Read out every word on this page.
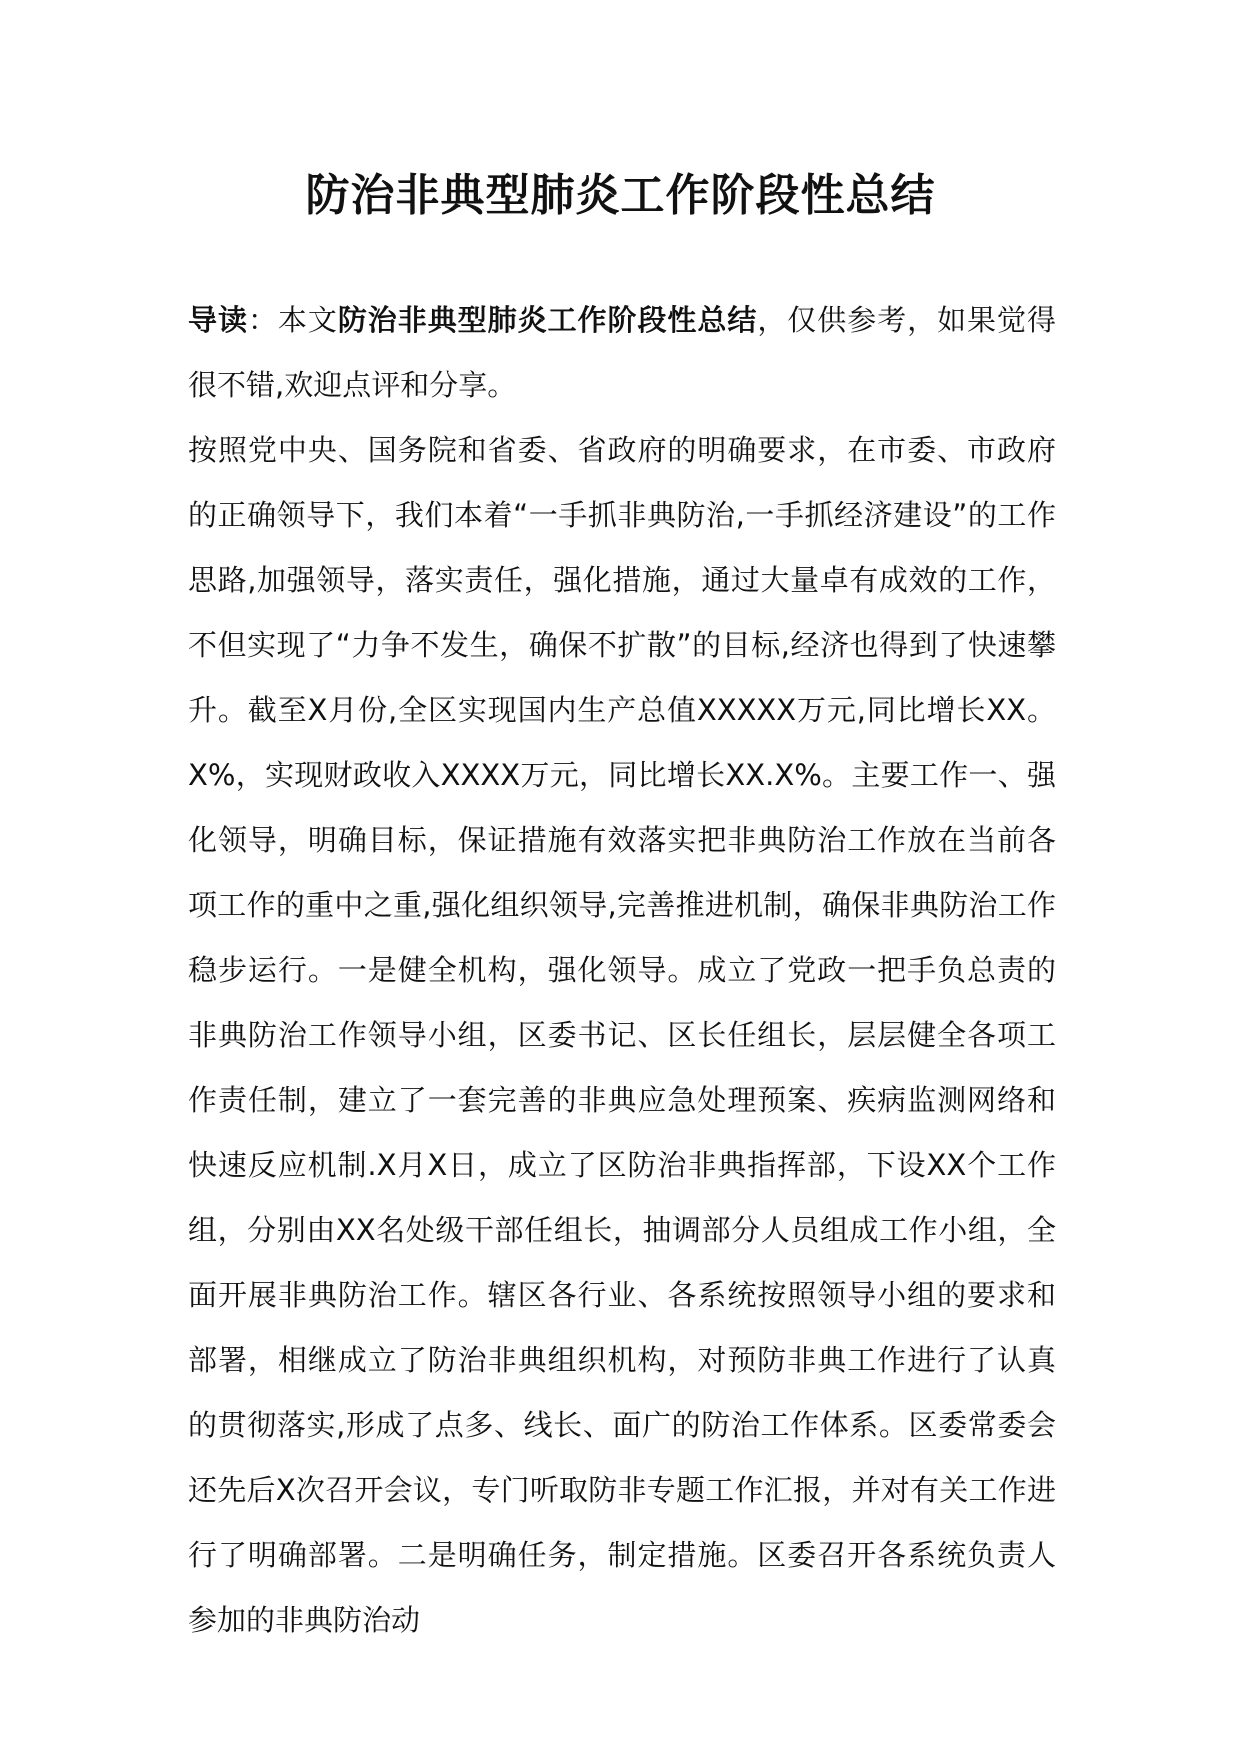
防治非典型肺炎工作阶段性总结

导读：本文防治非典型肺炎工作阶段性总结，仅供参考，如果觉得很不错,欢迎点评和分享。

按照党中央、国务院和省委、省政府的明确要求，在市委、市政府的正确领导下，我们本着“一手抓非典防治,一手抓经济建设”的工作思路,加强领导，落实责任，强化措施，通过大量卓有成效的工作，不但实现了“力争不发生，确保不扩散”的目标,经济也得到了快速攀升。截至X月份,全区实现国内生产总值XXXXX万元,同比增长XX。X%，实现财政收入XXXX万元，同比增长XX.X%。主要工作一、强化领导，明确目标，保证措施有效落实把非典防治工作放在当前各项工作的重中之重,强化组织领导,完善推进机制，确保非典防治工作稳步运行。一是健全机构，强化领导。成立了党政一把手负总责的非典防治工作领导小组，区委书记、区长任组长，层层健全各项工作责任制，建立了一套完善的非典应急处理预案、疾病监测网络和快速反应机制.X月X日，成立了区防治非典指挥部，下设XX个工作组，分别由XX名处级干部任组长，抽调部分人员组成工作小组，全面开展非典防治工作。辖区各行业、各系统按照领导小组的要求和部署，相继成立了防治非典组织机构，对预防非典工作进行了认真的贯彻落实,形成了点多、线长、面广的防治工作体系。区委常委会还先后X次召开会议，专门听取防非专题工作汇报，并对有关工作进行了明确部署。二是明确任务，制定措施。区委召开各系统负责人参加的非典防治动
